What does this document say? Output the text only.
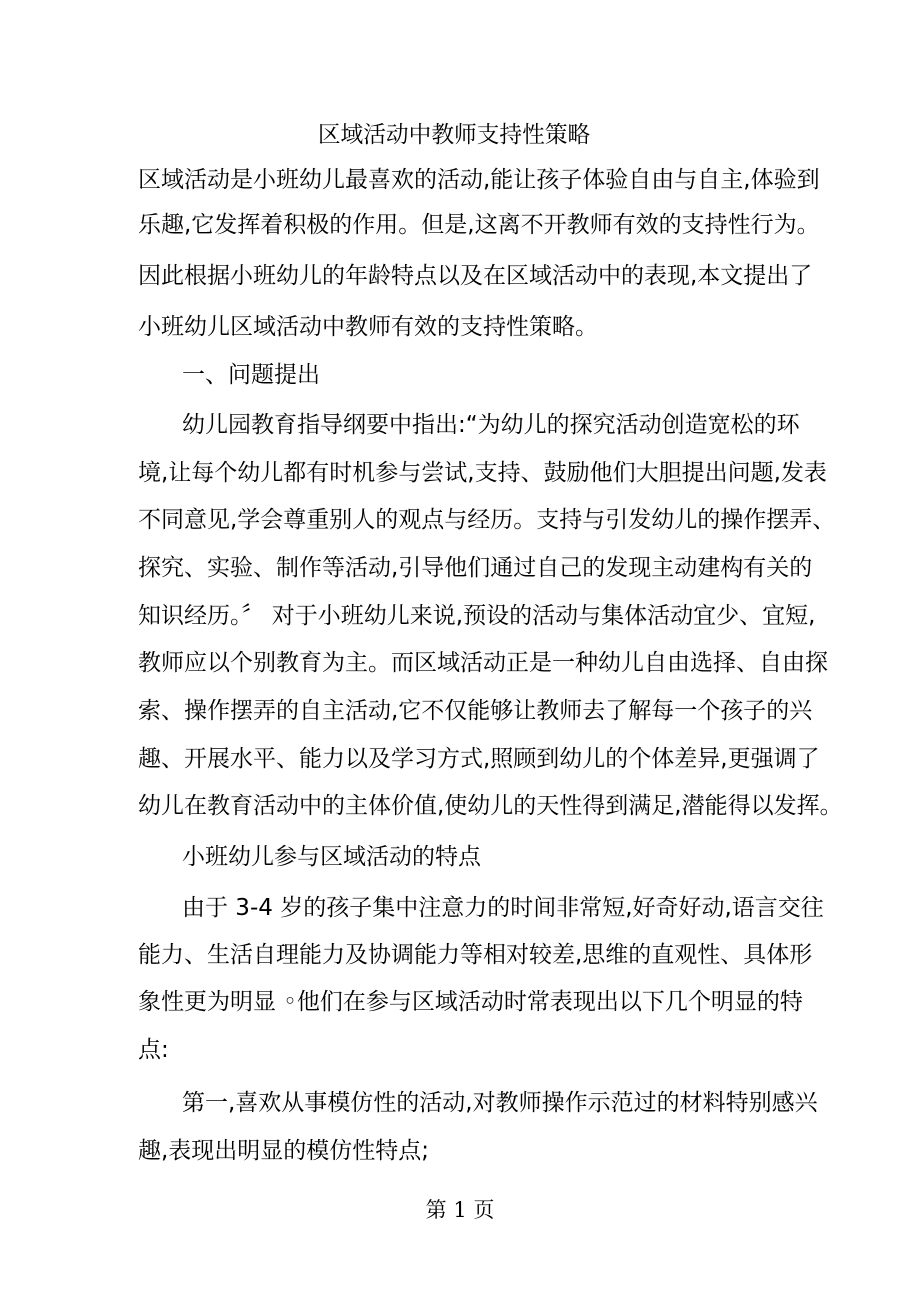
区域活动中教师支持性策略
区域活动是小班幼儿最喜欢的活动,能让孩子体验自由与自主,体验到
乐趣,它发挥着积极的作用。但是,这离不开教师有效的支持性行为。
因此根据小班幼儿的年龄特点以及在区域活动中的表现,本文提出了
小班幼儿区域活动中教师有效的支持性策略。
一、问题提出
幼儿园教育指导纲要中指出:“为幼儿的探究活动创造宽松的环
境,让每个幼儿都有时机参与尝试,支持、鼓励他们大胆提出问题,发表
不同意见,学会尊重别人的观点与经历。支持与引发幼儿的操作摆弄、
探究、实验、制作等活动,引导他们通过自己的发现主动建构有关的
知识经历。〞 对于小班幼儿来说,预设的活动与集体活动宜少、宜短,
教师应以个别教育为主。而区域活动正是一种幼儿自由选择、自由探
索、操作摆弄的自主活动,它不仅能够让教师去了解每一个孩子的兴
趣、开展水平、能力以及学习方式,照顾到幼儿的个体差异,更强调了
幼儿在教育活动中的主体价值,使幼儿的天性得到满足,潜能得以发挥。
小班幼儿参与区域活动的特点
由于 3-4 岁的孩子集中注意力的时间非常短,好奇好动,语言交往
能力、生活自理能力及协调能力等相对较差,思维的直观性、具体形
象性更为明显 ◦他们在参与区域活动时常表现出以下几个明显的特
点:
第一,喜欢从事模仿性的活动,对教师操作示范过的材料特别感兴
趣,表现出明显的模仿性特点;
第 1 页
